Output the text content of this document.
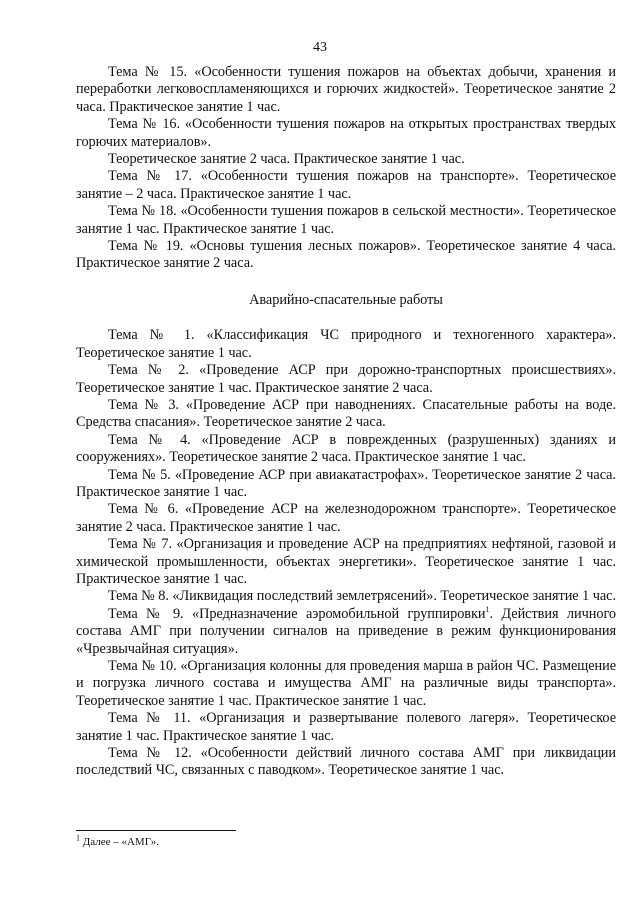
43

Тема № 15. «Особенности тушения пожаров на объектах добычи, хранения и переработки легковоспламеняющихся и горючих жидкостей». Теоретическое занятие 2 часа. Практическое занятие 1 час.

Тема № 16. «Особенности тушения пожаров на открытых пространствах твердых горючих материалов».

Теоретическое занятие 2 часа. Практическое занятие 1 час.

Тема № 17. «Особенности тушения пожаров на транспорте». Теоретическое занятие – 2 часа. Практическое занятие 1 час.

Тема № 18. «Особенности тушения пожаров в сельской местности». Теоретическое занятие 1 час. Практическое занятие 1 час.

Тема № 19. «Основы тушения лесных пожаров». Теоретическое занятие 4 часа. Практическое занятие 2 часа.

Аварийно-спасательные работы

Тема № 1. «Классификация ЧС природного и техногенного характера». Теоретическое занятие 1 час.

Тема № 2. «Проведение АСР при дорожно-транспортных происшествиях». Теоретическое занятие 1 час. Практическое занятие 2 часа.

Тема № 3. «Проведение АСР при наводнениях. Спасательные работы на воде. Средства спасания». Теоретическое занятие 2 часа.

Тема № 4. «Проведение АСР в поврежденных (разрушенных) зданиях и сооружениях». Теоретическое занятие 2 часа. Практическое занятие 1 час.

Тема № 5. «Проведение АСР при авиакатастрофах». Теоретическое занятие 2 часа. Практическое занятие 1 час.

Тема № 6. «Проведение АСР на железнодорожном транспорте». Теоретическое занятие 2 часа. Практическое занятие 1 час.

Тема № 7. «Организация и проведение АСР на предприятиях нефтяной, газовой и химической промышленности, объектах энергетики». Теоретическое занятие 1 час. Практическое занятие 1 час.

Тема № 8. «Ликвидация последствий землетрясений». Теоретическое занятие 1 час.

Тема № 9. «Предназначение аэромобильной группировки$^1$. Действия личного состава АМГ при получении сигналов на приведение в режим функционирования «Чрезвычайная ситуация».

Тема № 10. «Организация колонны для проведения марша в район ЧС. Размещение и погрузка личного состава и имущества АМГ на различные виды транспорта». Теоретическое занятие 1 час. Практическое занятие 1 час.

Тема № 11. «Организация и развертывание полевого лагеря». Теоретическое занятие 1 час. Практическое занятие 1 час.

Тема № 12. «Особенности действий личного состава АМГ при ликвидации последствий ЧС, связанных с паводком». Теоретическое занятие 1 час.

$^1$ Далее – «АМГ».
